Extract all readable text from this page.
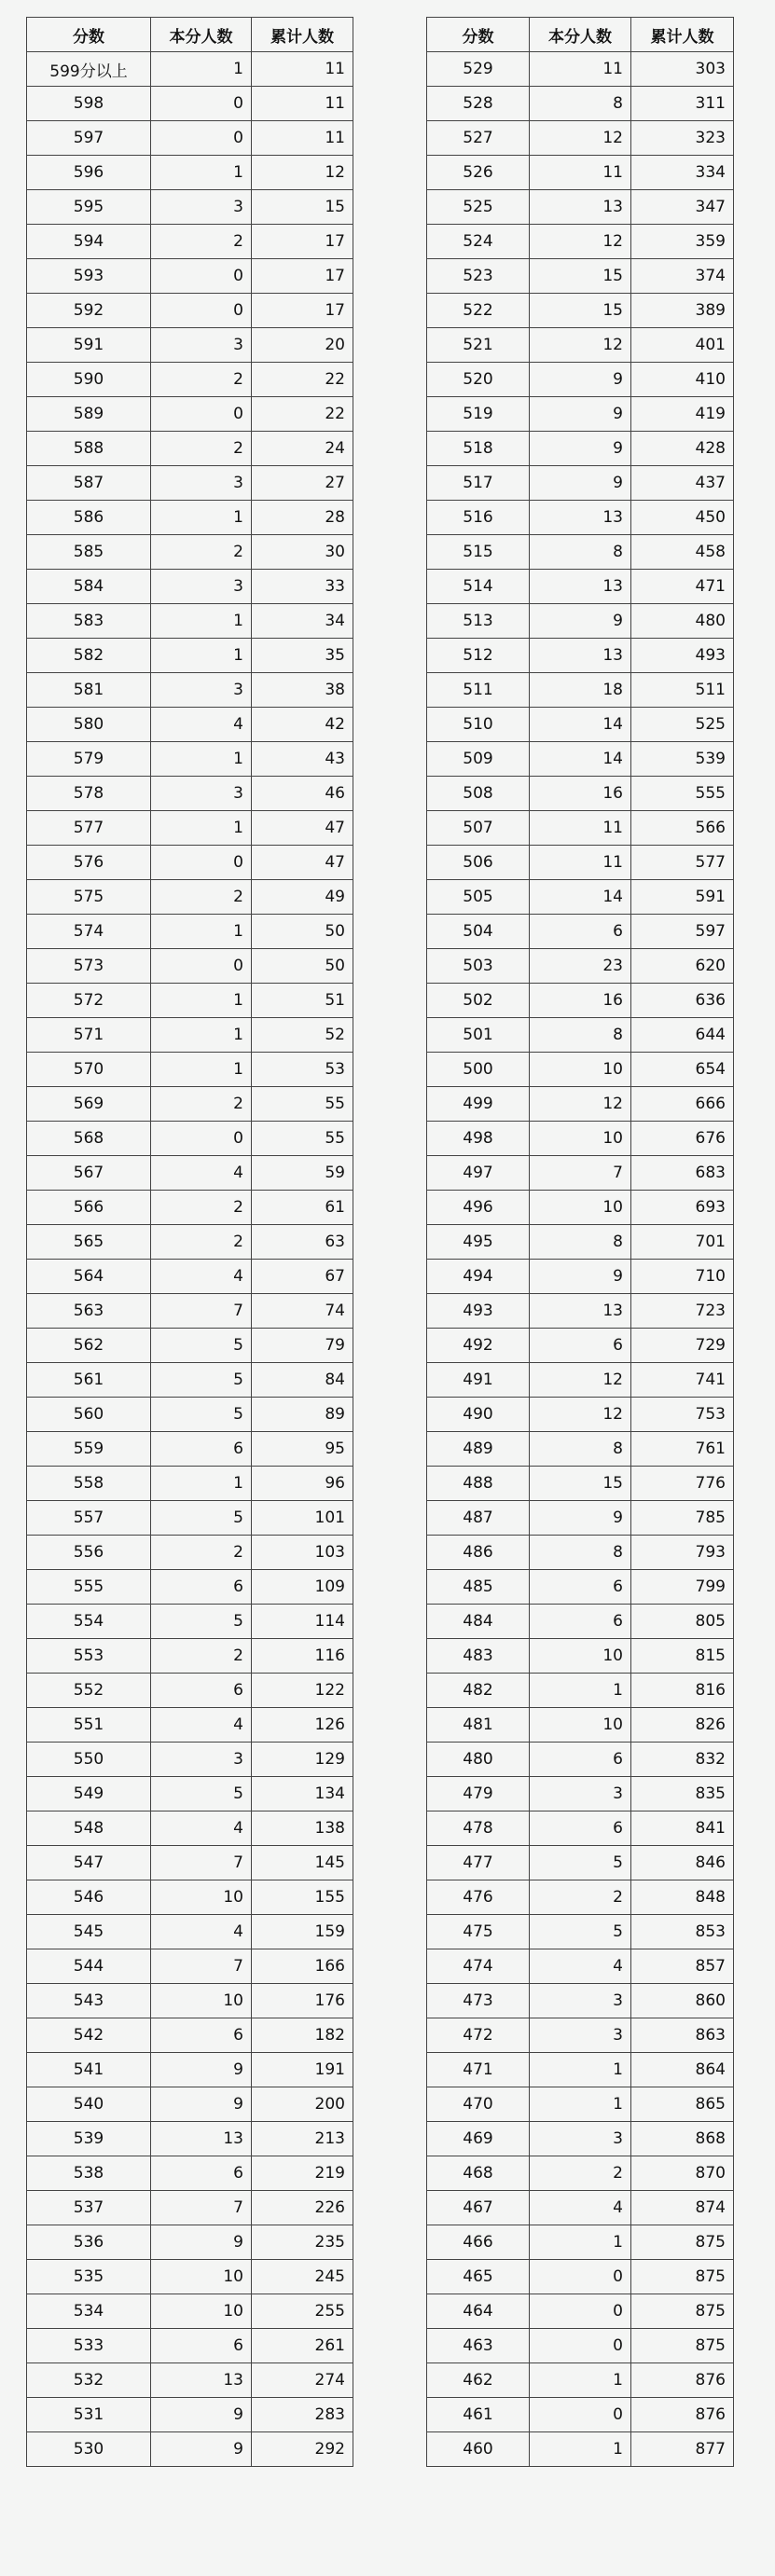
分数	本分人数	累计人数
599分以上	1	11
598	0	11
597	0	11
596	1	12
595	3	15
594	2	17
593	0	17
592	0	17
591	3	20
590	2	22
589	0	22
588	2	24
587	3	27
586	1	28
585	2	30
584	3	33
583	1	34
582	1	35
581	3	38
580	4	42
579	1	43
578	3	46
577	1	47
576	0	47
575	2	49
574	1	50
573	0	50
572	1	51
571	1	52
570	1	53
569	2	55
568	0	55
567	4	59
566	2	61
565	2	63
564	4	67
563	7	74
562	5	79
561	5	84
560	5	89
559	6	95
558	1	96
557	5	101
556	2	103
555	6	109
554	5	114
553	2	116
552	6	122
551	4	126
550	3	129
549	5	134
548	4	138
547	7	145
546	10	155
545	4	159
544	7	166
543	10	176
542	6	182
541	9	191
540	9	200
539	13	213
538	6	219
537	7	226
536	9	235
535	10	245
534	10	255
533	6	261
532	13	274
531	9	283
530	9	292
分数	本分人数	累计人数
529	11	303
528	8	311
527	12	323
526	11	334
525	13	347
524	12	359
523	15	374
522	15	389
521	12	401
520	9	410
519	9	419
518	9	428
517	9	437
516	13	450
515	8	458
514	13	471
513	9	480
512	13	493
511	18	511
510	14	525
509	14	539
508	16	555
507	11	566
506	11	577
505	14	591
504	6	597
503	23	620
502	16	636
501	8	644
500	10	654
499	12	666
498	10	676
497	7	683
496	10	693
495	8	701
494	9	710
493	13	723
492	6	729
491	12	741
490	12	753
489	8	761
488	15	776
487	9	785
486	8	793
485	6	799
484	6	805
483	10	815
482	1	816
481	10	826
480	6	832
479	3	835
478	6	841
477	5	846
476	2	848
475	5	853
474	4	857
473	3	860
472	3	863
471	1	864
470	1	865
469	3	868
468	2	870
467	4	874
466	1	875
465	0	875
464	0	875
463	0	875
462	1	876
461	0	876
460	1	877
